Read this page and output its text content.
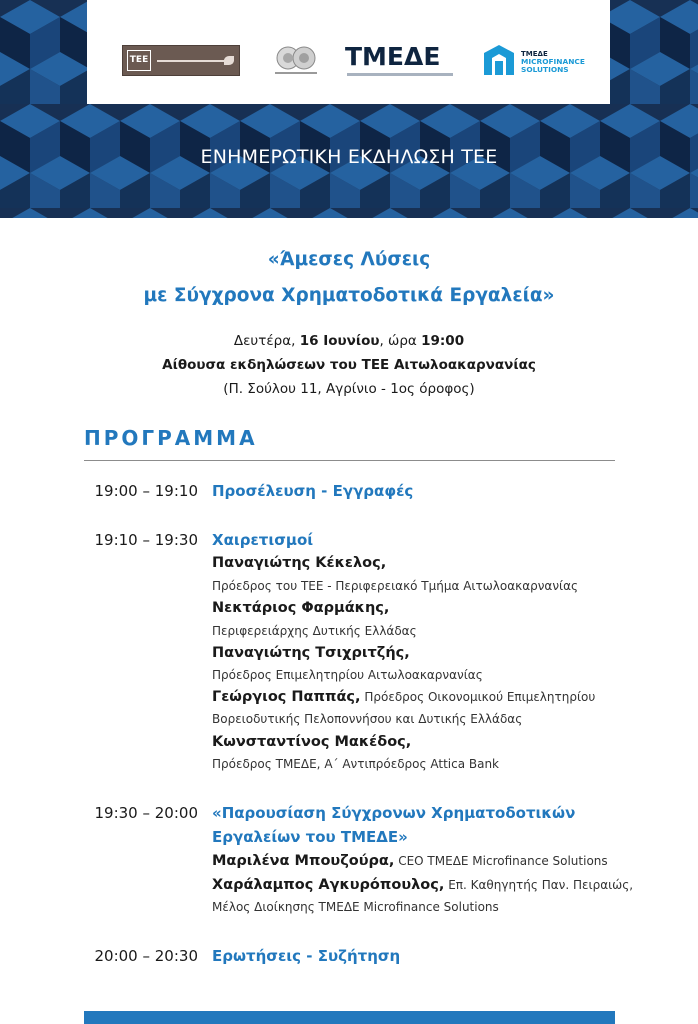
ΤΕΕ	ΤΜΕΔΕ	ΤΜΕΔΕ
MICROFINANCE
SOLUTIONS
ΕΝΗΜΕΡΩΤΙΚΗ ΕΚΔΗΛΩΣΗ ΤΕΕ
«Άμεσες Λύσεις
με Σύγχρονα Χρηματοδοτικά Εργαλεία»
Δευτέρα, 16 Ιουνίου, ώρα 19:00
Αίθουσα εκδηλώσεων του ΤΕΕ Αιτωλοακαρνανίας
(Π. Σούλου 11, Αγρίνιο - 1ος όροφος)
ΠΡΟΓΡΑΜΜΑ
19:00 – 19:10 Προσέλευση - Εγγραφές
19:10 – 19:30 Χαιρετισμοί
Παναγιώτης Κέκελος,
Πρόεδρος του ΤΕΕ - Περιφερειακό Τμήμα Αιτωλοακαρνανίας
Νεκτάριος Φαρμάκης,
Περιφερειάρχης Δυτικής Ελλάδας
Παναγιώτης Τσιχριτζής,
Πρόεδρος Επιμελητηρίου Αιτωλοακαρνανίας
Γεώργιος Παππάς, Πρόεδρος Οικονομικού Επιμελητηρίου
Βορειοδυτικής Πελοποννήσου και Δυτικής Ελλάδας
Κωνσταντίνος Μακέδος,
Πρόεδρος ΤΜΕΔΕ, Α΄ Αντιπρόεδρος Attica Bank
19:30 – 20:00 «Παρουσίαση Σύγχρονων Χρηματοδοτικών
Εργαλείων του ΤΜΕΔΕ»
Μαριλένα Μπουζούρα, CEO ΤΜΕΔΕ Microfinance Solutions
Χαράλαμπος Αγκυρόπουλος, Επ. Καθηγητής Παν. Πειραιώς,
Μέλος Διοίκησης ΤΜΕΔΕ Microfinance Solutions
20:00 – 20:30 Ερωτήσεις - Συζήτηση
